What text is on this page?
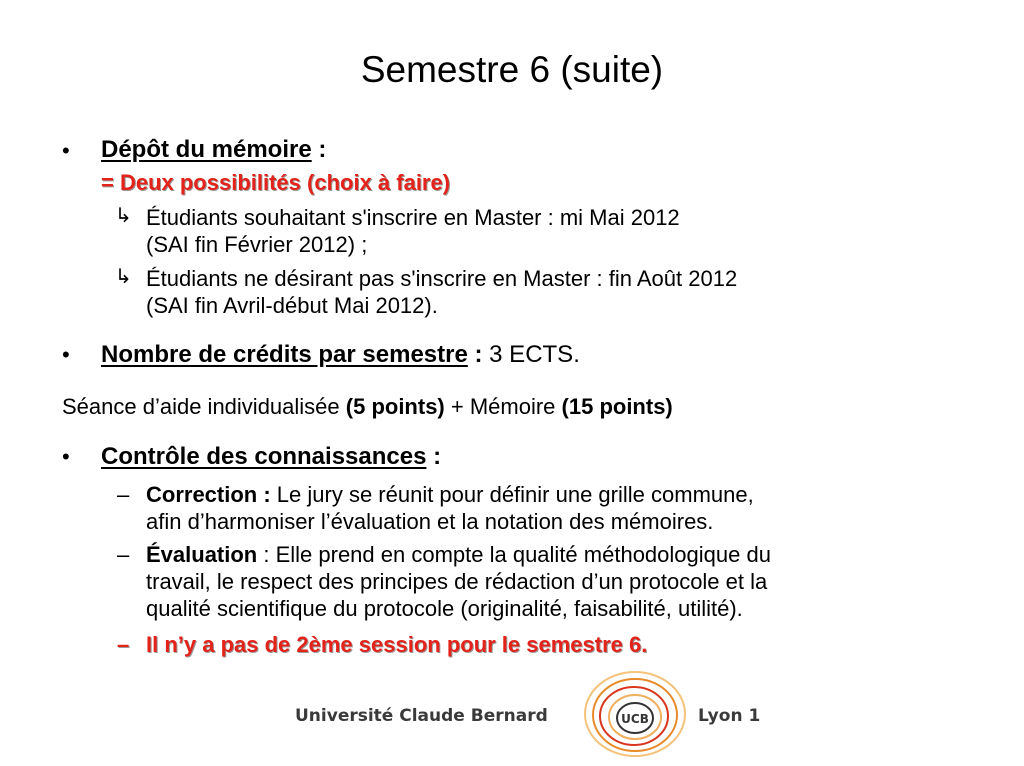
Semestre 6 (suite)
• Dépôt du mémoire :
= Deux possibilités (choix à faire)
↳ Étudiants souhaitant s'inscrire en Master : mi Mai 2012
(SAI fin Février 2012) ;
↳ Étudiants ne désirant pas s'inscrire en Master : fin Août 2012
(SAI fin Avril-début Mai 2012).
• Nombre de crédits par semestre : 3 ECTS.
Séance d’aide individualisée (5 points) + Mémoire (15 points)
• Contrôle des connaissances :
– Correction : Le jury se réunit pour définir une grille commune,
afin d’harmoniser l’évaluation et la notation des mémoires.
– Évaluation : Elle prend en compte la qualité méthodologique du
travail, le respect des principes de rédaction d’un protocole et la
qualité scientifique du protocole (originalité, faisabilité, utilité).
– Il n’y a pas de 2ème session pour le semestre 6.
Université Claude Bernard	UCB	Lyon 1
